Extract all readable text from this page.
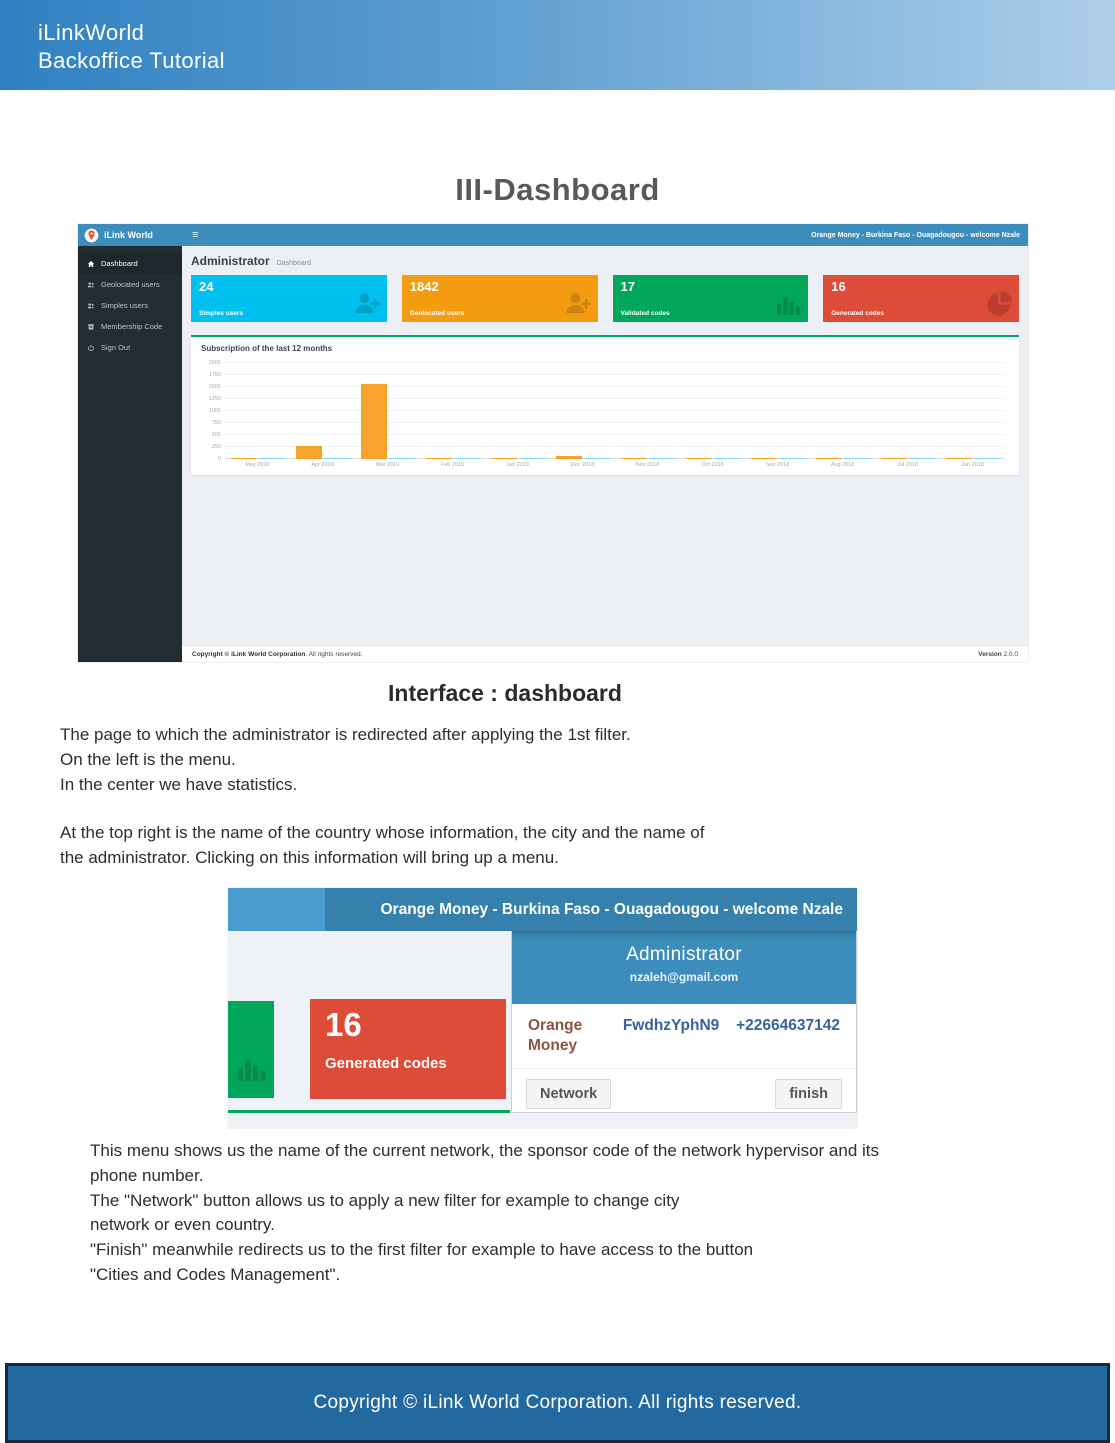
iLinkWorld
Backoffice Tutorial
III-Dashboard
iLink World	≡	Orange Money - Burkina Faso - Ouagadougou - welcome Nzale
Dashboard
Geolocated users
Simples users
Membership Code
Sign Out
Administrator Dashboard
24
Simples users
1842
Geolocated users
17
Validated codes
16
Generated codes
Subscription of the last 12 months
0
250
500
750
1000
1250
1500
1750
2000
May 2019	Apr 2019	Mar 2019	Feb 2019	Jan 2019	Dec 2018	Nov 2018	Oct 2018	Sep 2018	Aug 2018	Jul 2018	Jun 2018
Copyright © iLink World Corporation. All rights reserved.	Version 2.0.0
Interface : dashboard
The page to which the administrator is redirected after applying the 1st filter.
On the left is the menu.
In the center we have statistics.
At the top right is the name of the country whose information, the city and the name of
the administrator. Clicking on this information will bring up a menu.
Orange Money - Burkina Faso - Ouagadougou - welcome Nzale
16
Generated codes
Administrator
nzaleh@gmail.com
Orange Money
FwdhzYphN9 +22664637142
Network	finish
This menu shows us the name of the current network, the sponsor code of the network hypervisor and its
phone number.
The "Network" button allows us to apply a new filter for example to change city
network or even country.
"Finish" meanwhile redirects us to the first filter for example to have access to the button
"Cities and Codes Management".
Copyright © iLink World Corporation. All rights reserved.
